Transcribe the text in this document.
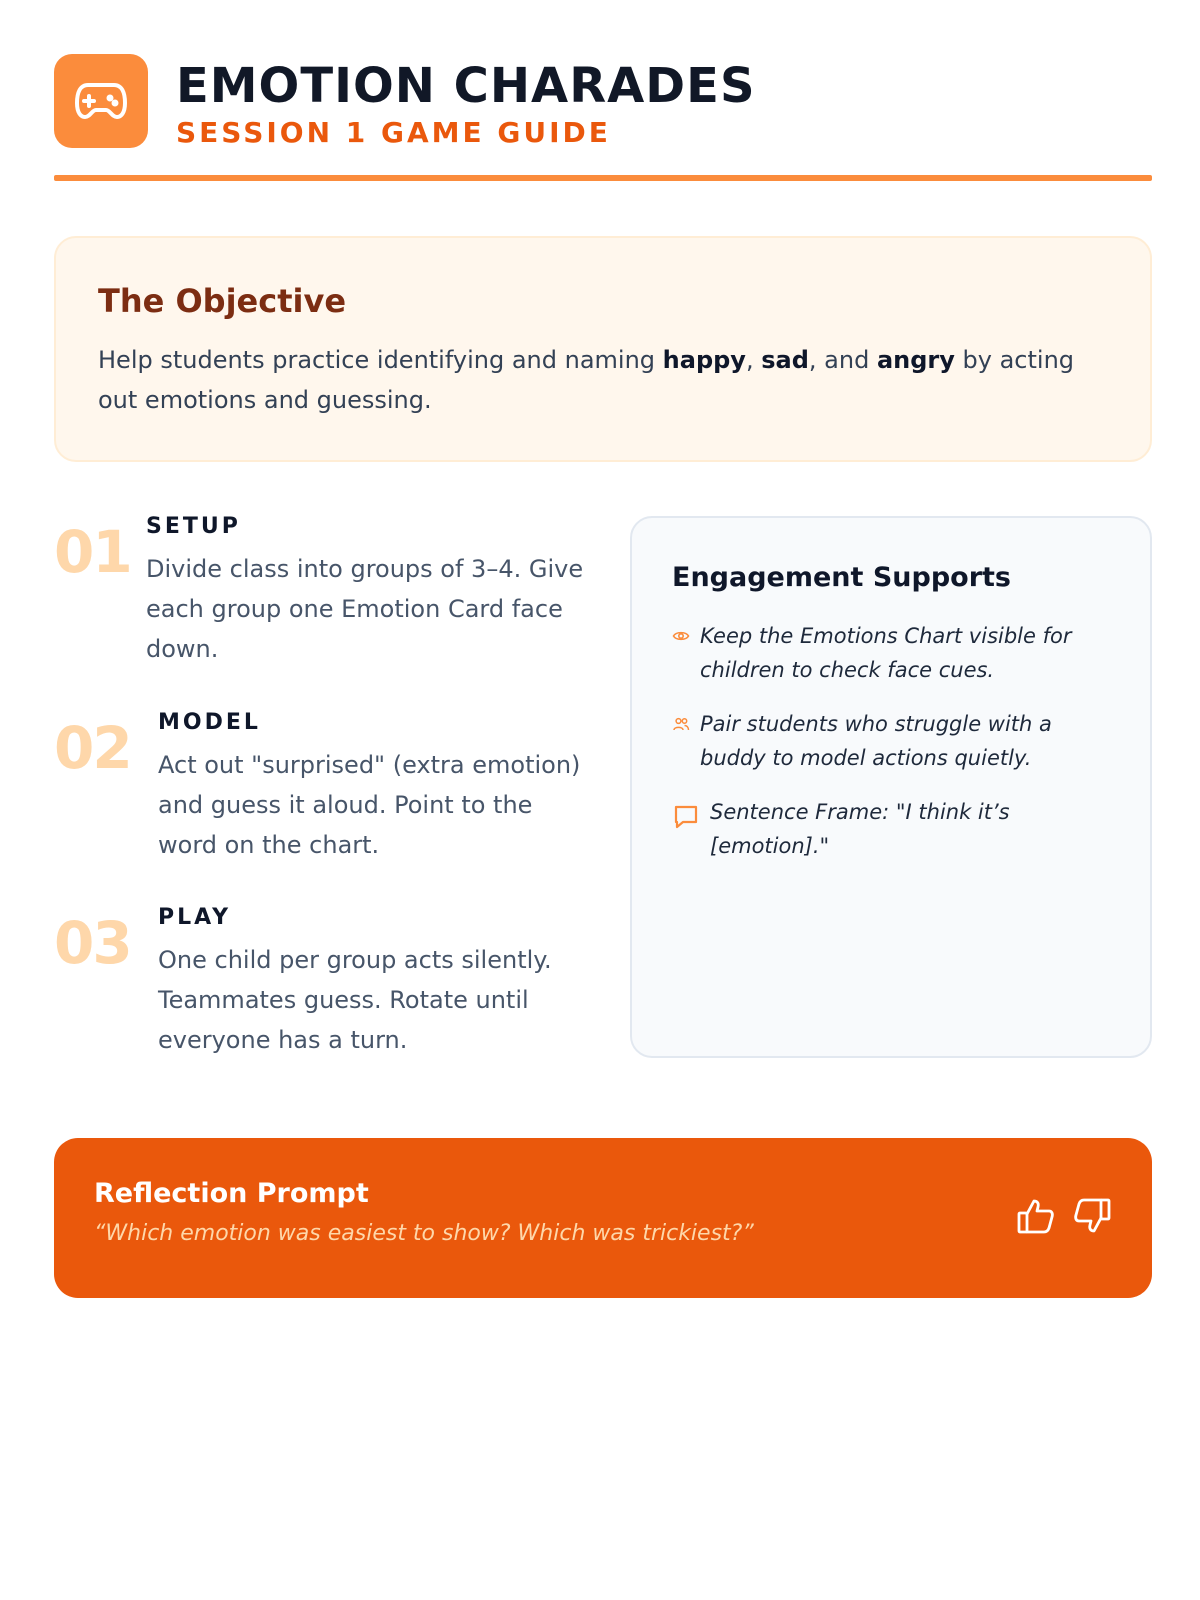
EMOTION CHARADES
SESSION 1 GAME GUIDE
The Objective

Help students practice identifying and naming happy, sad, and angry by acting out emotions and guessing.

01 SETUP
Divide class into groups of 3–4. Give each group one Emotion Card face down.
02 MODEL
Act out "surprised" (extra emotion) and guess it aloud. Point to the word on the chart.
03 PLAY
One child per group acts silently. Teammates guess. Rotate until everyone has a turn.
Engagement Supports
Keep the Emotions Chart visible for children to check face cues.
Pair students who struggle with a buddy to model actions quietly.
Sentence Frame: "I think it’s [emotion]."
Reflection Prompt

“Which emotion was easiest to show? Which was trickiest?”
